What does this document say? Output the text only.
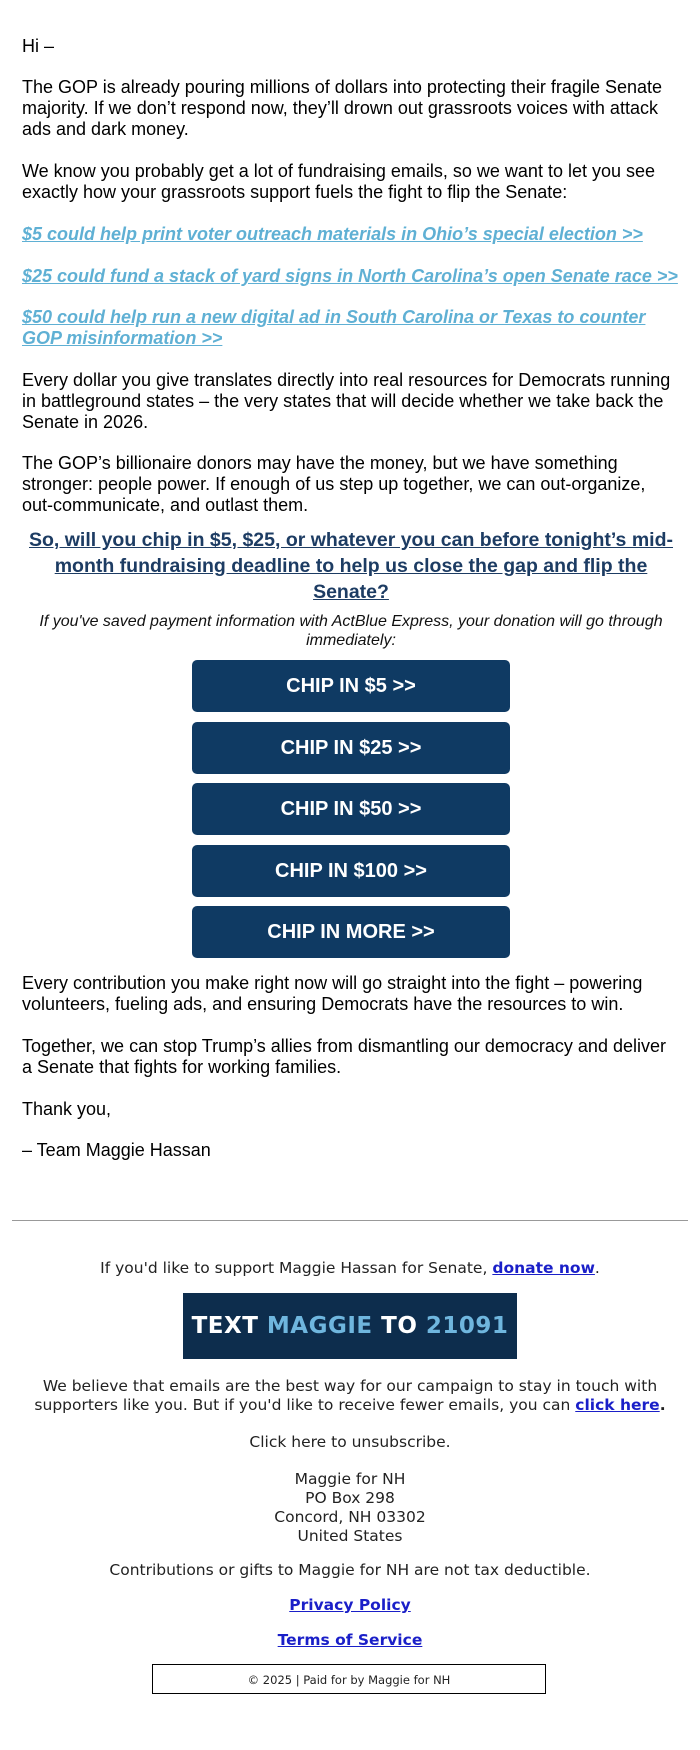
Hi –

The GOP is already pouring millions of dollars into protecting their fragile Senate majority. If we don’t respond now, they’ll drown out grassroots voices with attack ads and dark money.

We know you probably get a lot of fundraising emails, so we want to let you see exactly how your grassroots support fuels the fight to flip the Senate:

$5 could help print voter outreach materials in Ohio’s special election >>
$25 could fund a stack of yard signs in North Carolina’s open Senate race >>
$50 could help run a new digital ad in South Carolina or Texas to counter GOP misinformation >>

Every dollar you give translates directly into real resources for Democrats running in battleground states – the very states that will decide whether we take back the Senate in 2026.

The GOP’s billionaire donors may have the money, but we have something stronger: people power. If enough of us step up together, we can out-organize, out-communicate, and outlast them.

So, will you chip in $5, $25, or whatever you can before tonight’s mid-month fundraising deadline to help us close the gap and flip the Senate?
If you've saved payment information with ActBlue Express, your donation will go through immediately:
CHIP IN $5 >>
CHIP IN $25 >>
CHIP IN $50 >>
CHIP IN $100 >>
CHIP IN MORE >>

Every contribution you make right now will go straight into the fight – powering volunteers, fueling ads, and ensuring Democrats have the resources to win.

Together, we can stop Trump’s allies from dismantling our democracy and deliver a Senate that fights for working families.

Thank you,

– Team Maggie Hassan

If you'd like to support Maggie Hassan for Senate, donate now.
TEXT MAGGIE TO 21091
We believe that emails are the best way for our campaign to stay in touch with supporters like you. But if you'd like to receive fewer emails, you can click here.
Click here to unsubscribe.
Maggie for NH
PO Box 298
Concord, NH 03302
United States
Contributions or gifts to Maggie for NH are not tax deductible.
Privacy Policy
Terms of Service
© 2025 | Paid for by Maggie for NH
